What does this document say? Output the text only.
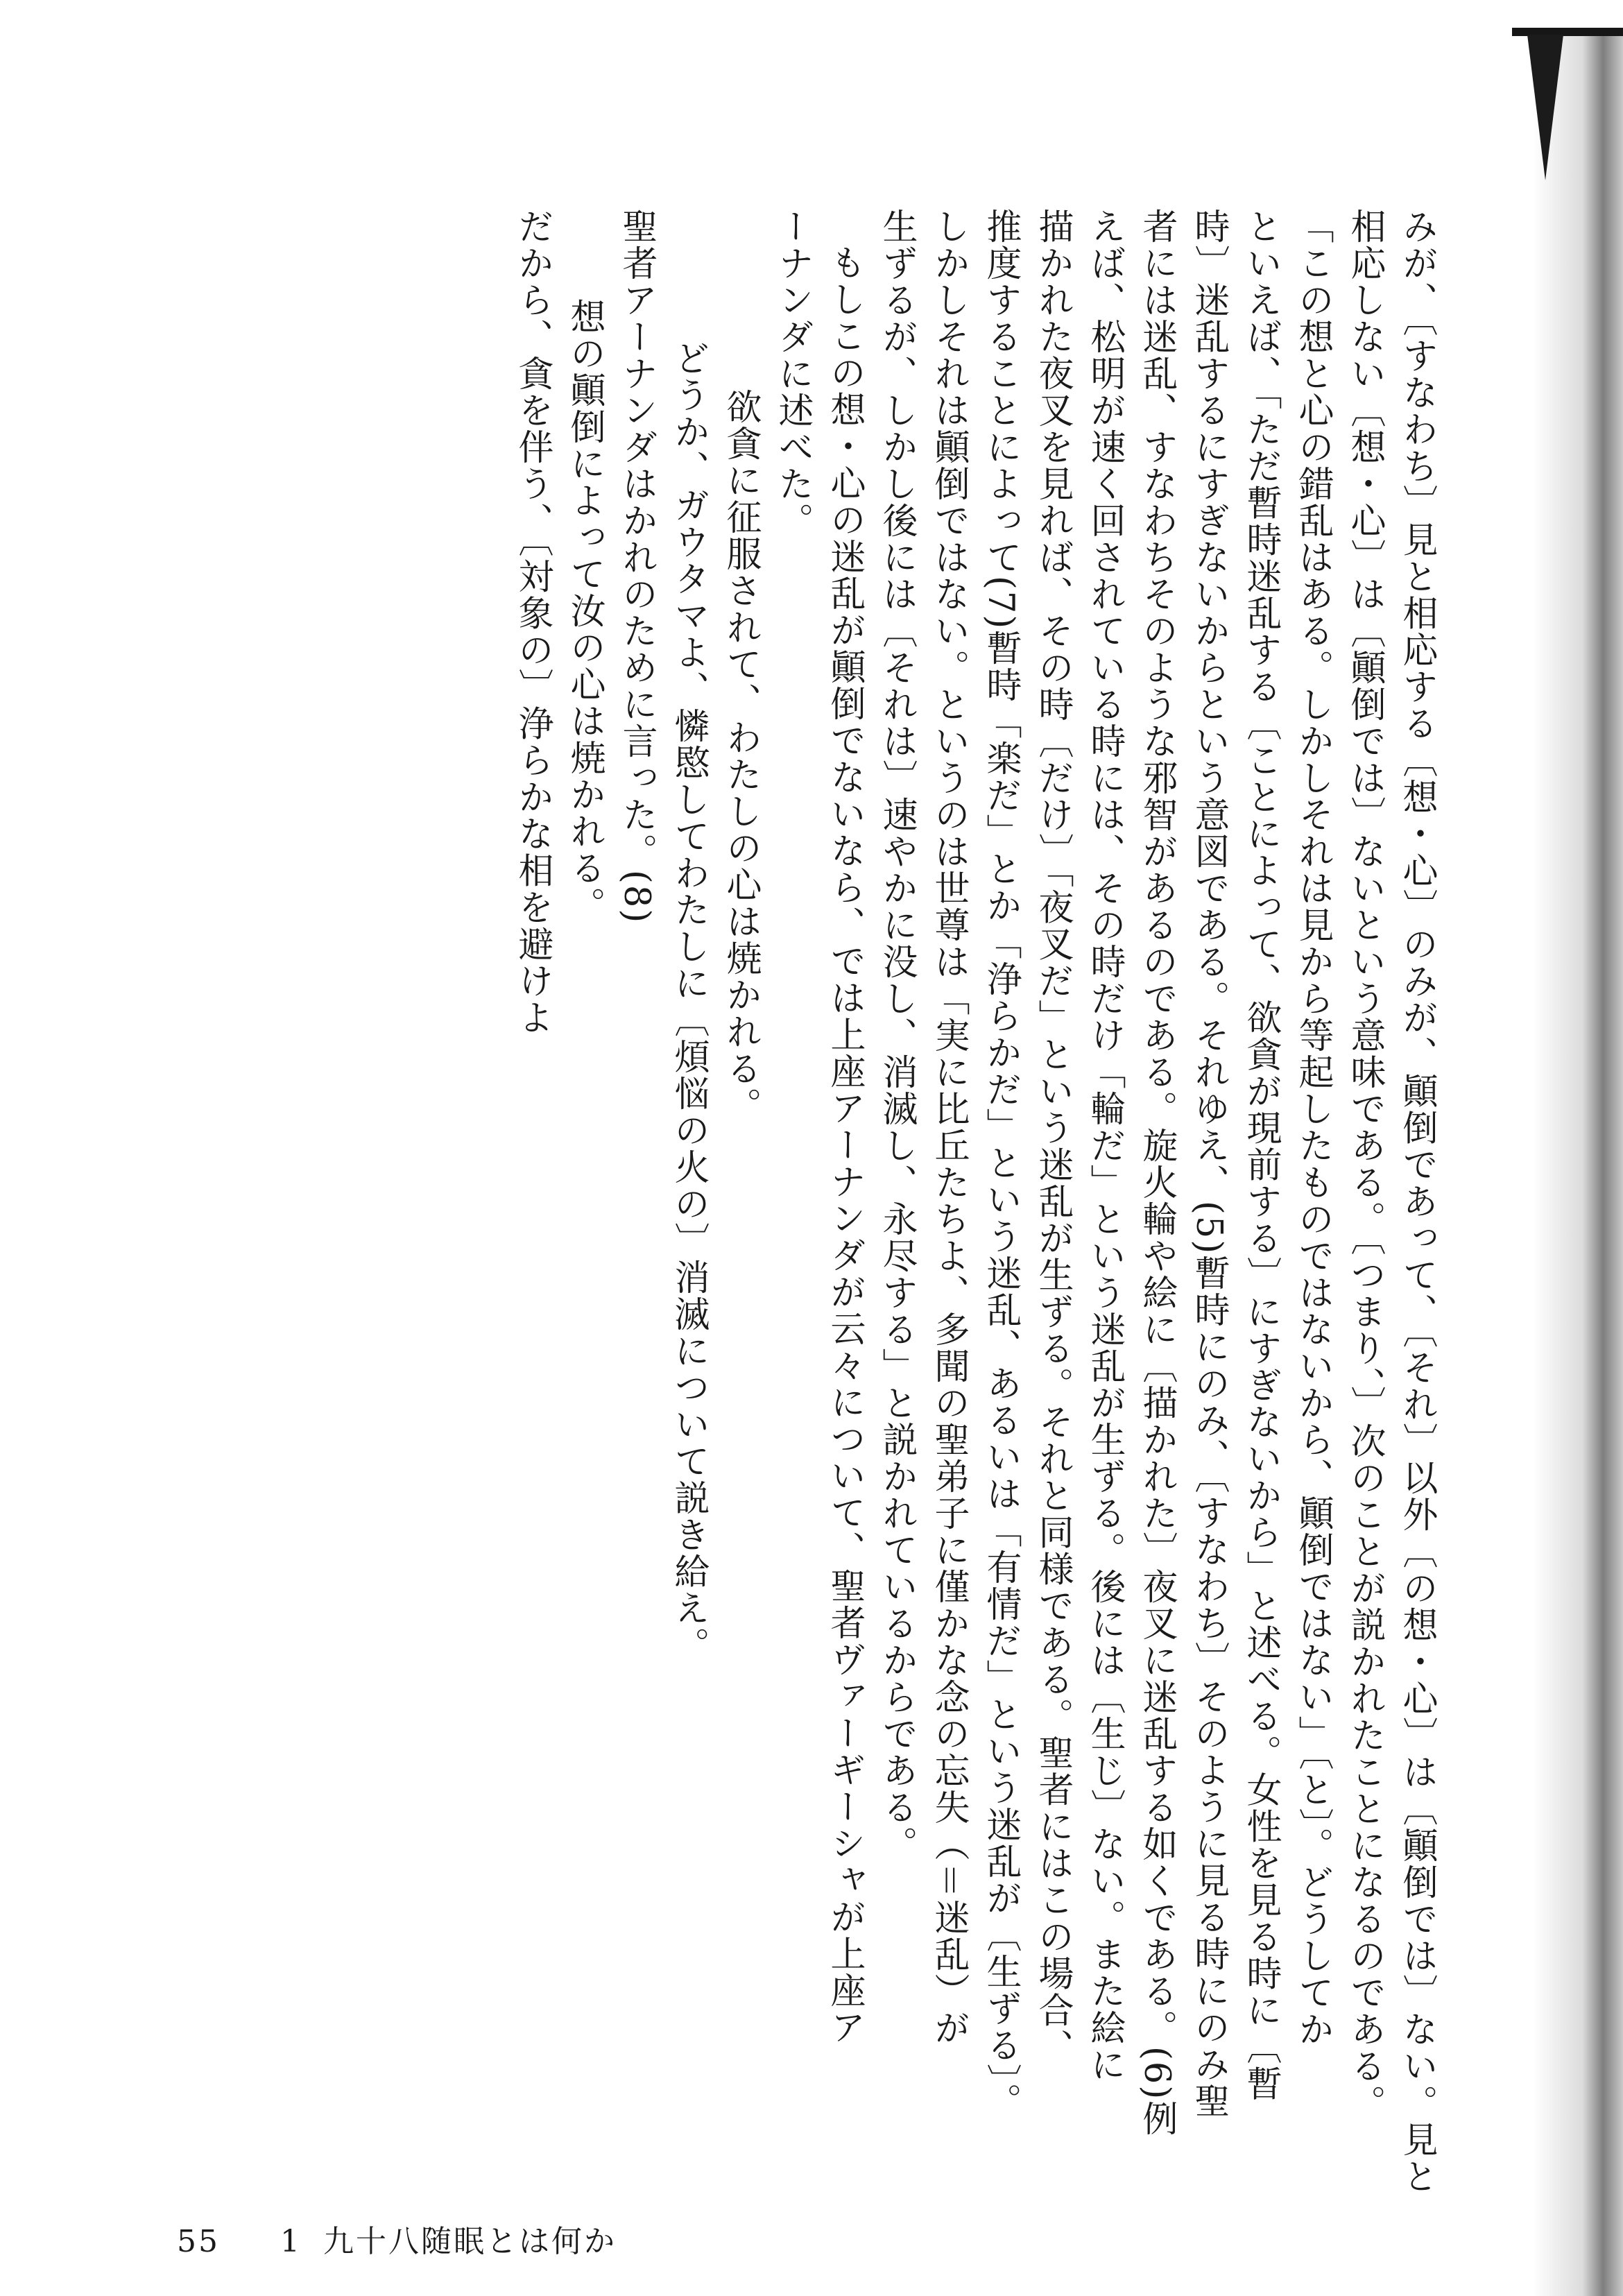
みが、〔すなわち〕見と相応する〔想・心〕のみが、顚倒であって、〔それ〕以外〔の想・心〕は〔顚倒では〕ない。見と
相応しない〔想・心〕は〔顚倒では〕ないという意味である。〔つまり、〕次のことが説かれたことになるのである。
「この想と心の錯乱はある。しかしそれは見から等起したものではないから、顚倒ではない」〔と〕。どうしてか
といえば、「ただ暫時迷乱する〔ことによって、欲貪が現前する〕にすぎないから」と述べる。女性を見る時に〔暫
時〕迷乱するにすぎないからという意図である。それゆえ、(5)暫時にのみ、〔すなわち〕そのように見る時にのみ聖
者には迷乱、すなわちそのような邪智があるのである。旋火輪や絵に〔描かれた〕夜叉に迷乱する如くである。(6)例
えば、松明が速く回されている時には、その時だけ「輪だ」という迷乱が生ずる。後には〔生じ〕ない。また絵に
描かれた夜叉を見れば、その時〔だけ〕「夜叉だ」という迷乱が生ずる。それと同様である。聖者にはこの場合、
推度することによって(7)暫時「楽だ」とか「浄らかだ」という迷乱、あるいは「有情だ」という迷乱が〔生ずる〕。
しかしそれは顚倒ではない。というのは世尊は「実に比丘たちよ、多聞の聖弟子に僅かな念の忘失（＝迷乱）が
生ずるが、しかし後には〔それは〕速やかに没し、消滅し、永尽する」と説かれているからである。
もしこの想・心の迷乱が顚倒でないなら、では上座アーナンダが云々について、聖者ヴァーギーシャが上座ア
ーナンダに述べた。
欲貪に征服されて、わたしの心は焼かれる。
どうか、ガウタマよ、憐愍してわたしに〔煩悩の火の〕消滅について説き給え。
聖者アーナンダはかれのために言った。(8)
想の顚倒によって汝の心は焼かれる。
だから、貪を伴う、〔対象の〕浄らかな相を避けよ
55 1 九十八随眠とは何か
